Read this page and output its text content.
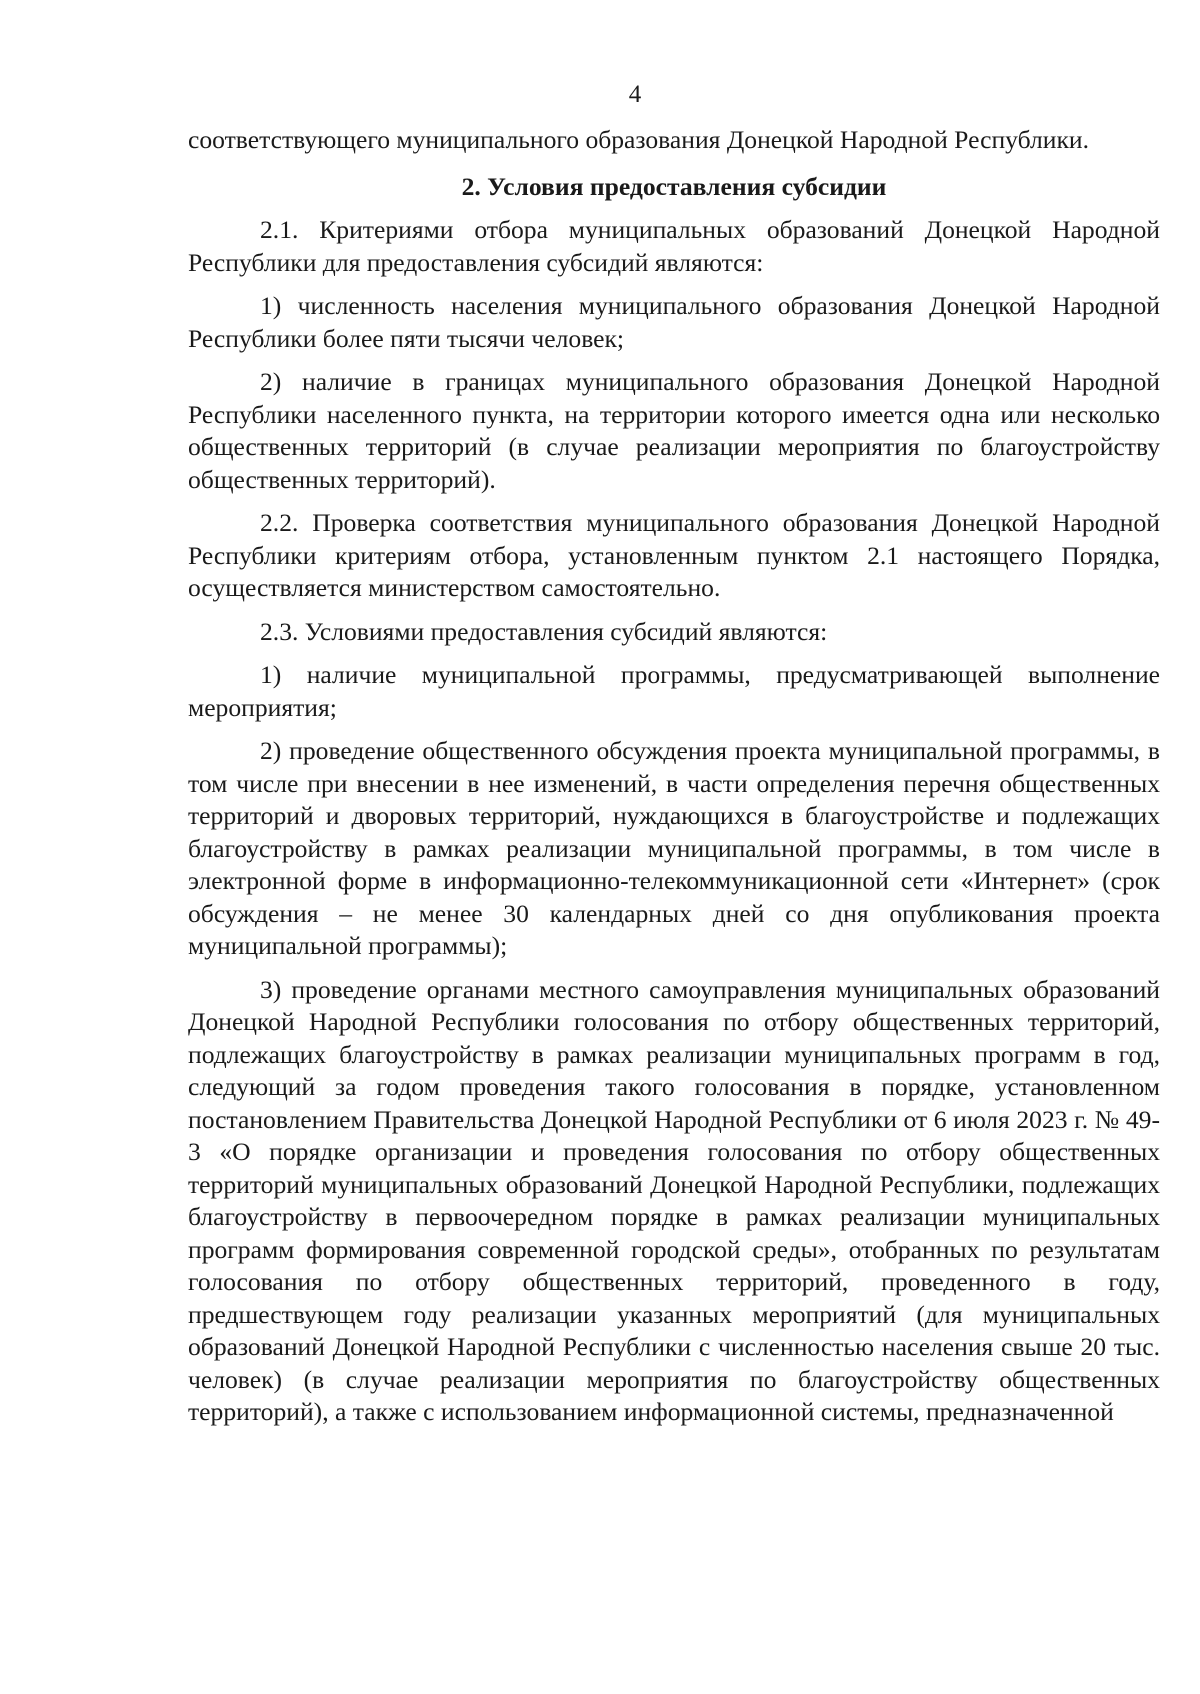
4

соответствующего муниципального образования Донецкой Народной Республики.

2. Условия предоставления субсидии

2.1. Критериями отбора муниципальных образований Донецкой Народной Республики для предоставления субсидий являются:

1) численность населения муниципального образования Донецкой Народной Республики более пяти тысячи человек;

2) наличие в границах муниципального образования Донецкой Народной Республики населенного пункта, на территории которого имеется одна или несколько общественных территорий (в случае реализации мероприятия по благоустройству общественных территорий).

2.2. Проверка соответствия муниципального образования Донецкой Народной Республики критериям отбора, установленным пунктом 2.1 настоящего Порядка, осуществляется министерством самостоятельно.

2.3. Условиями предоставления субсидий являются:

1) наличие муниципальной программы, предусматривающей выполнение мероприятия;

2) проведение общественного обсуждения проекта муниципальной программы, в том числе при внесении в нее изменений, в части определения перечня общественных территорий и дворовых территорий, нуждающихся в благоустройстве и подлежащих благоустройству в рамках реализации муниципальной программы, в том числе в электронной форме в информационно-телекоммуникационной сети «Интернет» (срок обсуждения – не менее 30 календарных дней со дня опубликования проекта муниципальной программы);

3) проведение органами местного самоуправления муниципальных образований Донецкой Народной Республики голосования по отбору общественных территорий, подлежащих благоустройству в рамках реализации муниципальных программ в год, следующий за годом проведения такого голосования в порядке, установленном постановлением Правительства Донецкой Народной Республики от 6 июля 2023 г. № 49-3 «О порядке организации и проведения голосования по отбору общественных территорий муниципальных образований Донецкой Народной Республики, подлежащих благоустройству в первоочередном порядке в рамках реализации муниципальных программ формирования современной городской среды», отобранных по результатам голосования по отбору общественных территорий, проведенного в году, предшествующем году реализации указанных мероприятий (для муниципальных образований Донецкой Народной Республики с численностью населения свыше 20 тыс. человек) (в случае реализации мероприятия по благоустройству общественных территорий), а также с использованием информационной системы, предназначенной
